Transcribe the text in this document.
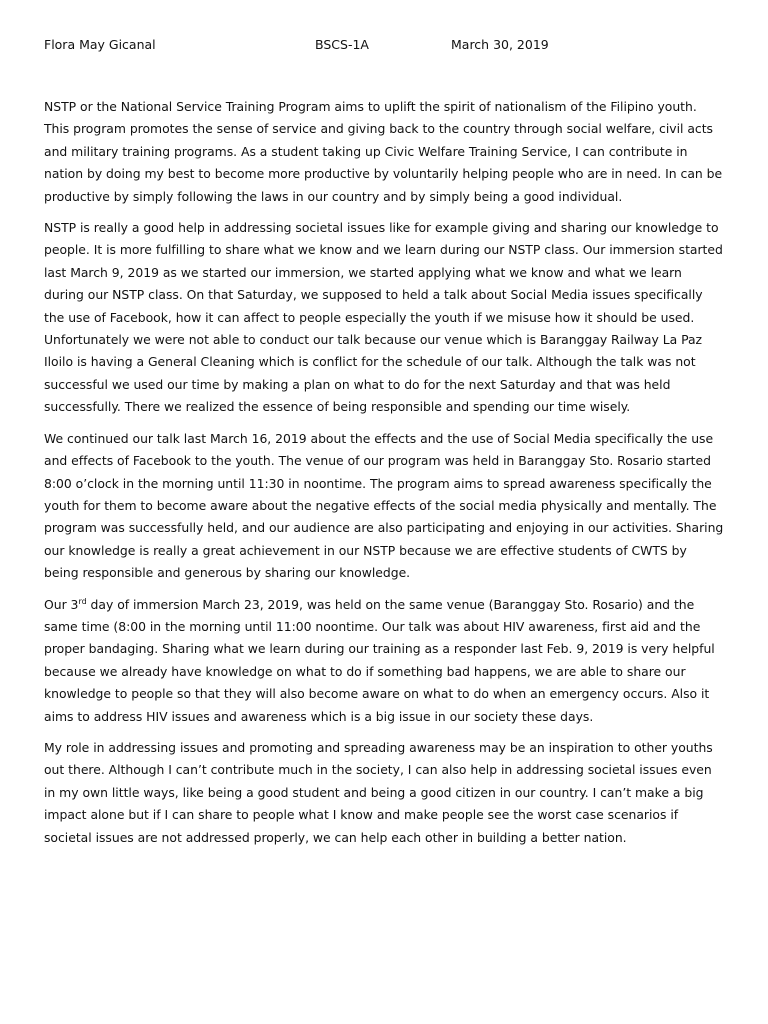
Flora May Gicanal	BSCS-1A	March 30, 2019

NSTP or the National Service Training Program aims to uplift the spirit of nationalism of the Filipino youth. This program promotes the sense of service and giving back to the country through social welfare, civil acts and military training programs. As a student taking up Civic Welfare Training Service, I can contribute in nation by doing my best to become more productive by voluntarily helping people who are in need. In can be productive by simply following the laws in our country and by simply being a good individual.

NSTP is really a good help in addressing societal issues like for example giving and sharing our knowledge to people. It is more fulfilling to share what we know and we learn during our NSTP class. Our immersion started last March 9, 2019 as we started our immersion, we started applying what we know and what we learn during our NSTP class. On that Saturday, we supposed to held a talk about Social Media issues specifically the use of Facebook, how it can affect to people especially the youth if we misuse how it should be used. Unfortunately we were not able to conduct our talk because our venue which is Baranggay Railway La Paz Iloilo is having a General Cleaning which is conflict for the schedule of our talk. Although the talk was not successful we used our time by making a plan on what to do for the next Saturday and that was held successfully. There we realized the essence of being responsible and spending our time wisely.

We continued our talk last March 16, 2019 about the effects and the use of Social Media specifically the use and effects of Facebook to the youth. The venue of our program was held in Baranggay Sto. Rosario started 8:00 o’clock in the morning until 11:30 in noontime. The program aims to spread awareness specifically the youth for them to become aware about the negative effects of the social media physically and mentally. The program was successfully held, and our audience are also participating and enjoying in our activities. Sharing our knowledge is really a great achievement in our NSTP because we are effective students of CWTS by being responsible and generous by sharing our knowledge.

Our 3rd day of immersion March 23, 2019, was held on the same venue (Baranggay Sto. Rosario) and the same time (8:00 in the morning until 11:00 noontime. Our talk was about HIV awareness, first aid and the proper bandaging. Sharing what we learn during our training as a responder last Feb. 9, 2019 is very helpful because we already have knowledge on what to do if something bad happens, we are able to share our knowledge to people so that they will also become aware on what to do when an emergency occurs. Also it aims to address HIV issues and awareness which is a big issue in our society these days.

My role in addressing issues and promoting and spreading awareness may be an inspiration to other youths out there. Although I can’t contribute much in the society, I can also help in addressing societal issues even in my own little ways, like being a good student and being a good citizen in our country. I can’t make a big impact alone but if I can share to people what I know and make people see the worst case scenarios if societal issues are not addressed properly, we can help each other in building a better nation.
